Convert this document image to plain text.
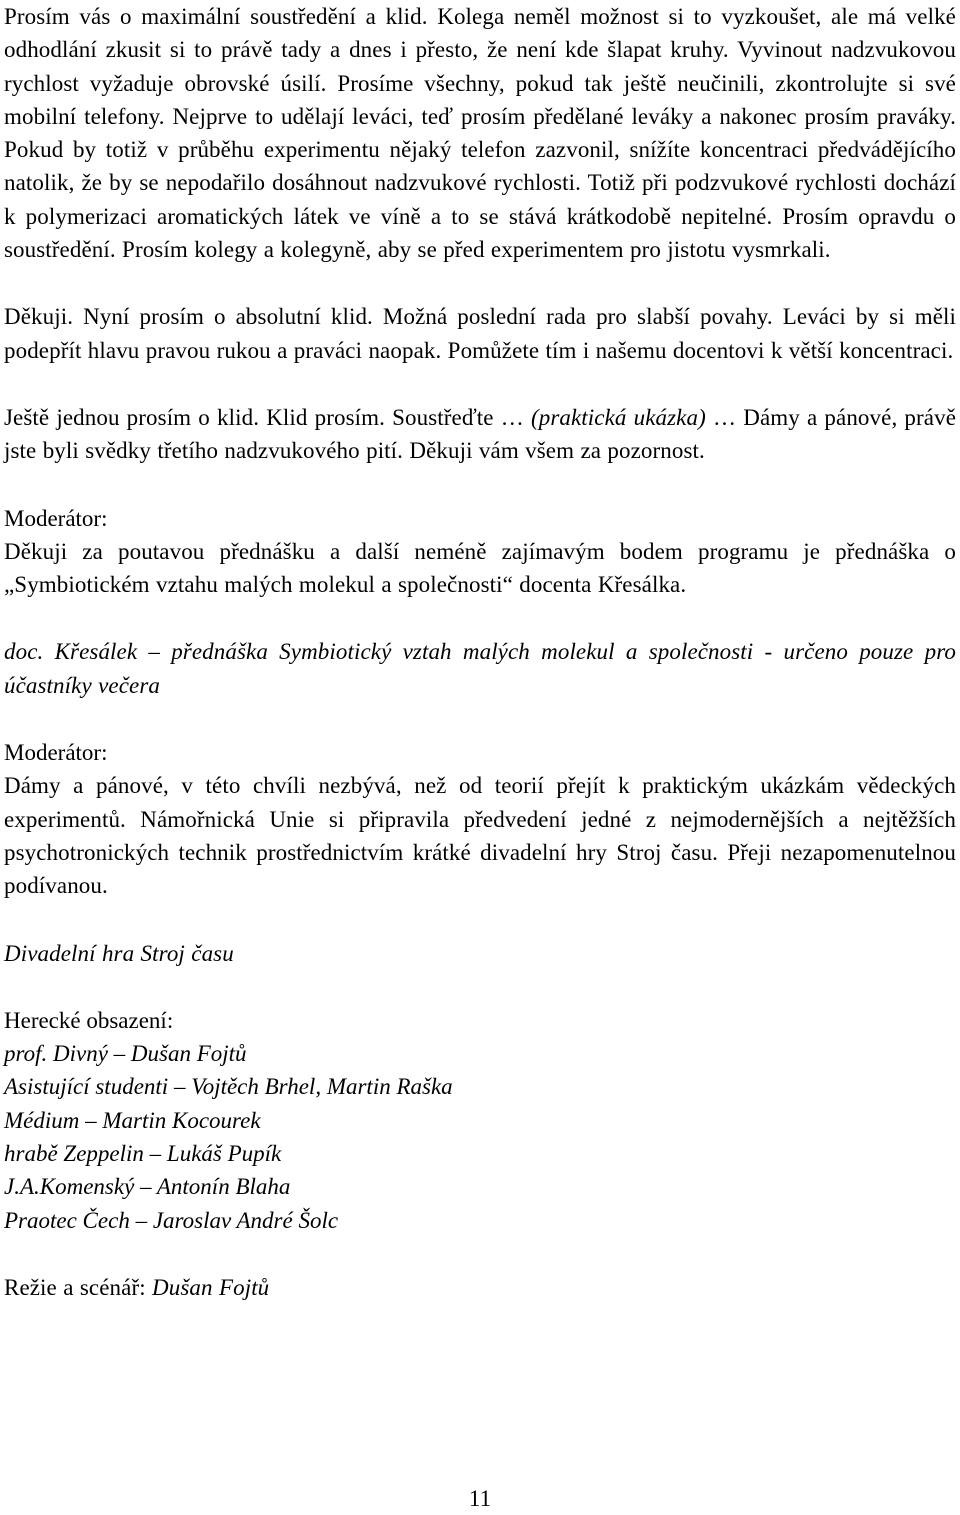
Prosím vás o maximální soustředění a klid. Kolega neměl možnost si to vyzkoušet, ale má velké odhodlání zkusit si to právě tady a dnes i přesto, že není kde šlapat kruhy. Vyvinout nadzvukovou rychlost vyžaduje obrovské úsilí. Prosíme všechny, pokud tak ještě neučinili, zkontrolujte si své mobilní telefony. Nejprve to udělají leváci, teď prosím předělané leváky a nakonec prosím praváky. Pokud by totiž v průběhu experimentu nějaký telefon zazvonil, snížíte koncentraci předvádějícího natolik, že by se nepodařilo dosáhnout nadzvukové rychlosti. Totiž při podzvukové rychlosti dochází k polymerizaci aromatických látek ve víně a to se stává krátkodobě nepitelné. Prosím opravdu o soustředění. Prosím kolegy a kolegyně, aby se před experimentem pro jistotu vysmrkali.

Děkuji. Nyní prosím o absolutní klid. Možná poslední rada pro slabší povahy. Leváci by si měli podepřít hlavu pravou rukou a praváci naopak. Pomůžete tím i našemu docentovi k větší koncentraci.

Ještě jednou prosím o klid. Klid prosím. Soustřeďte … (praktická ukázka) … Dámy a pánové, právě jste byli svědky třetího nadzvukového pití. Děkuji vám všem za pozornost.

Moderátor:

Děkuji za poutavou přednášku a další neméně zajímavým bodem programu je přednáška o „Symbiotickém vztahu malých molekul a společnosti“ docenta Křesálka.

doc. Křesálek – přednáška Symbiotický vztah malých molekul a společnosti - určeno pouze pro účastníky večera

Moderátor:

Dámy a pánové, v této chvíli nezbývá, než od teorií přejít k praktickým ukázkám vědeckých experimentů. Námořnická Unie si připravila předvedení jedné z nejmodernějších a nejtěžších psychotronických technik prostřednictvím krátké divadelní hry Stroj času. Přeji nezapomenutelnou podívanou.

Divadelní hra Stroj času

Herecké obsazení:
prof. Divný – Dušan Fojtů
Asistující studenti – Vojtěch Brhel, Martin Raška
Médium – Martin Kocourek
hrabě Zeppelin – Lukáš Pupík
J.A.Komenský – Antonín Blaha
Praotec Čech – Jaroslav André Šolc

Režie a scénář: Dušan Fojtů

11
